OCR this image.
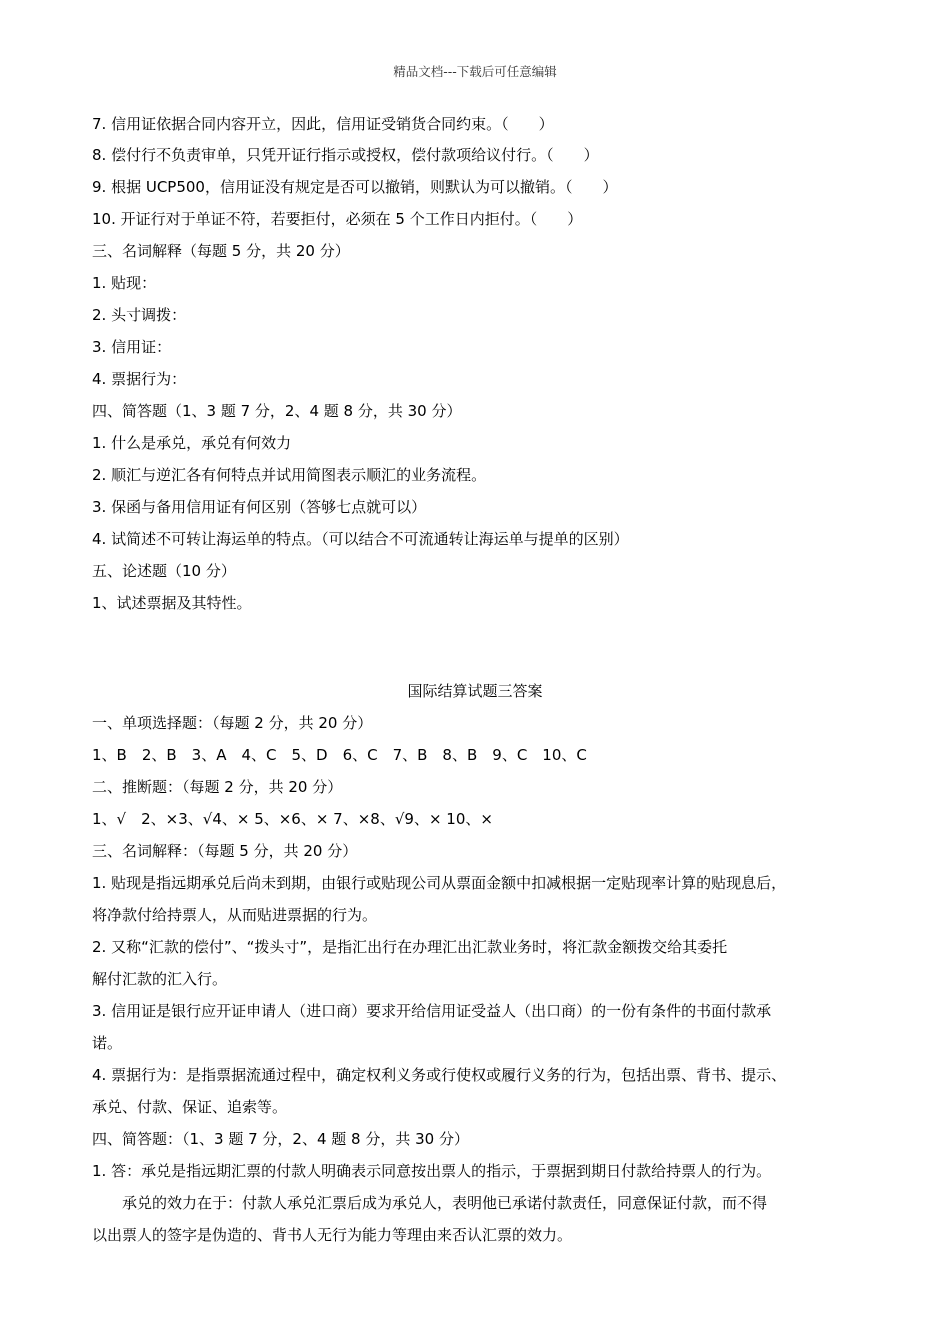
精品文档---下载后可任意编辑
7. 信用证依据合同内容开立，因此，信用证受销货合同约束。（　　）
8. 偿付行不负责审单，只凭开证行指示或授权，偿付款项给议付行。（　　）
9. 根据 UCP500，信用证没有规定是否可以撤销，则默认为可以撤销。（　　）
10. 开证行对于单证不符，若要拒付，必须在 5 个工作日内拒付。（　　）
三、名词解释（每题 5 分，共 20 分）
1. 贴现：
2. 头寸调拨：
3. 信用证：
4. 票据行为：
四、简答题（1、3 题 7 分，2、4 题 8 分，共 30 分）
1. 什么是承兑，承兑有何效力
2. 顺汇与逆汇各有何特点并试用简图表示顺汇的业务流程。
3. 保函与备用信用证有何区别（答够七点就可以）
4. 试简述不可转让海运单的特点。（可以结合不可流通转让海运单与提单的区别）
五、论述题（10 分）
1、试述票据及其特性。
国际结算试题三答案
一、单项选择题：（每题 2 分，共 20 分）
1、B　2、B　3、A　4、C　5、D　6、C　7、B　8、B　9、C　10、C
二、推断题：（每题 2 分，共 20 分）
1、√　2、×3、√4、× 5、×6、× 7、×8、√9、× 10、×
三、名词解释：（每题 5 分，共 20 分）
1. 贴现是指远期承兑后尚未到期，由银行或贴现公司从票面金额中扣减根据一定贴现率计算的贴现息后，
将净款付给持票人，从而贴进票据的行为。
2. 又称“汇款的偿付”、“拨头寸”，是指汇出行在办理汇出汇款业务时，将汇款金额拨交给其委托
解付汇款的汇入行。
3. 信用证是银行应开证申请人（进口商）要求开给信用证受益人（出口商）的一份有条件的书面付款承
诺。
4. 票据行为：是指票据流通过程中，确定权利义务或行使权或履行义务的行为，包括出票、背书、提示、
承兑、付款、保证、追索等。
四、简答题：（1、3 题 7 分，2、4 题 8 分，共 30 分）
1. 答：承兑是指远期汇票的付款人明确表示同意按出票人的指示，于票据到期日付款给持票人的行为。
　　承兑的效力在于：付款人承兑汇票后成为承兑人，表明他已承诺付款责任，同意保证付款，而不得
以出票人的签字是伪造的、背书人无行为能力等理由来否认汇票的效力。
